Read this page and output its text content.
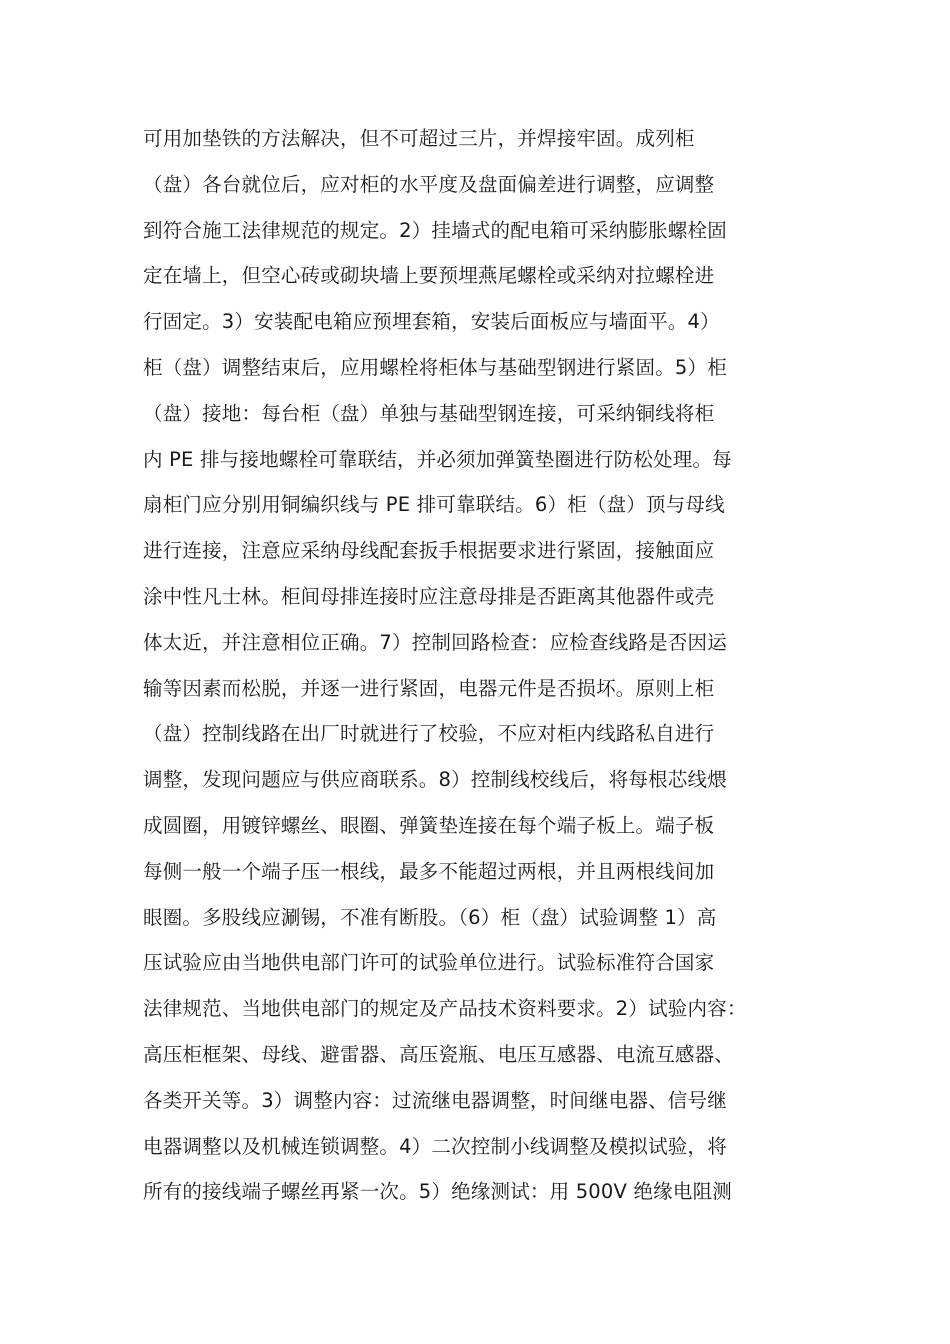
可用加垫铁的方法解决，但不可超过三片，并焊接牢固。成列柜
（盘）各台就位后，应对柜的水平度及盘面偏差进行调整，应调整
到符合施工法律规范的规定。2）挂墙式的配电箱可采纳膨胀螺栓固
定在墙上，但空心砖或砌块墙上要预埋燕尾螺栓或采纳对拉螺栓进
行固定。3）安装配电箱应预埋套箱，安装后面板应与墙面平。4）
柜（盘）调整结束后，应用螺栓将柜体与基础型钢进行紧固。5）柜
（盘）接地：每台柜（盘）单独与基础型钢连接，可采纳铜线将柜
内 PE 排与接地螺栓可靠联结，并必须加弹簧垫圈进行防松处理。每
扇柜门应分别用铜编织线与 PE 排可靠联结。6）柜（盘）顶与母线
进行连接，注意应采纳母线配套扳手根据要求进行紧固，接触面应
涂中性凡士林。柜间母排连接时应注意母排是否距离其他器件或壳
体太近，并注意相位正确。7）控制回路检查：应检查线路是否因运
输等因素而松脱，并逐一进行紧固，电器元件是否损坏。原则上柜
（盘）控制线路在出厂时就进行了校验，不应对柜内线路私自进行
调整，发现问题应与供应商联系。8）控制线校线后，将每根芯线煨
成圆圈，用镀锌螺丝、眼圈、弹簧垫连接在每个端子板上。端子板
每侧一般一个端子压一根线，最多不能超过两根，并且两根线间加
眼圈。多股线应涮锡，不准有断股。（6）柜（盘）试验调整 1）高
压试验应由当地供电部门许可的试验单位进行。试验标准符合国家
法律规范、当地供电部门的规定及产品技术资料要求。2）试验内容：
高压柜框架、母线、避雷器、高压瓷瓶、电压互感器、电流互感器、
各类开关等。3）调整内容：过流继电器调整，时间继电器、信号继
电器调整以及机械连锁调整。4）二次控制小线调整及模拟试验，将
所有的接线端子螺丝再紧一次。5）绝缘测试：用 500V 绝缘电阻测
